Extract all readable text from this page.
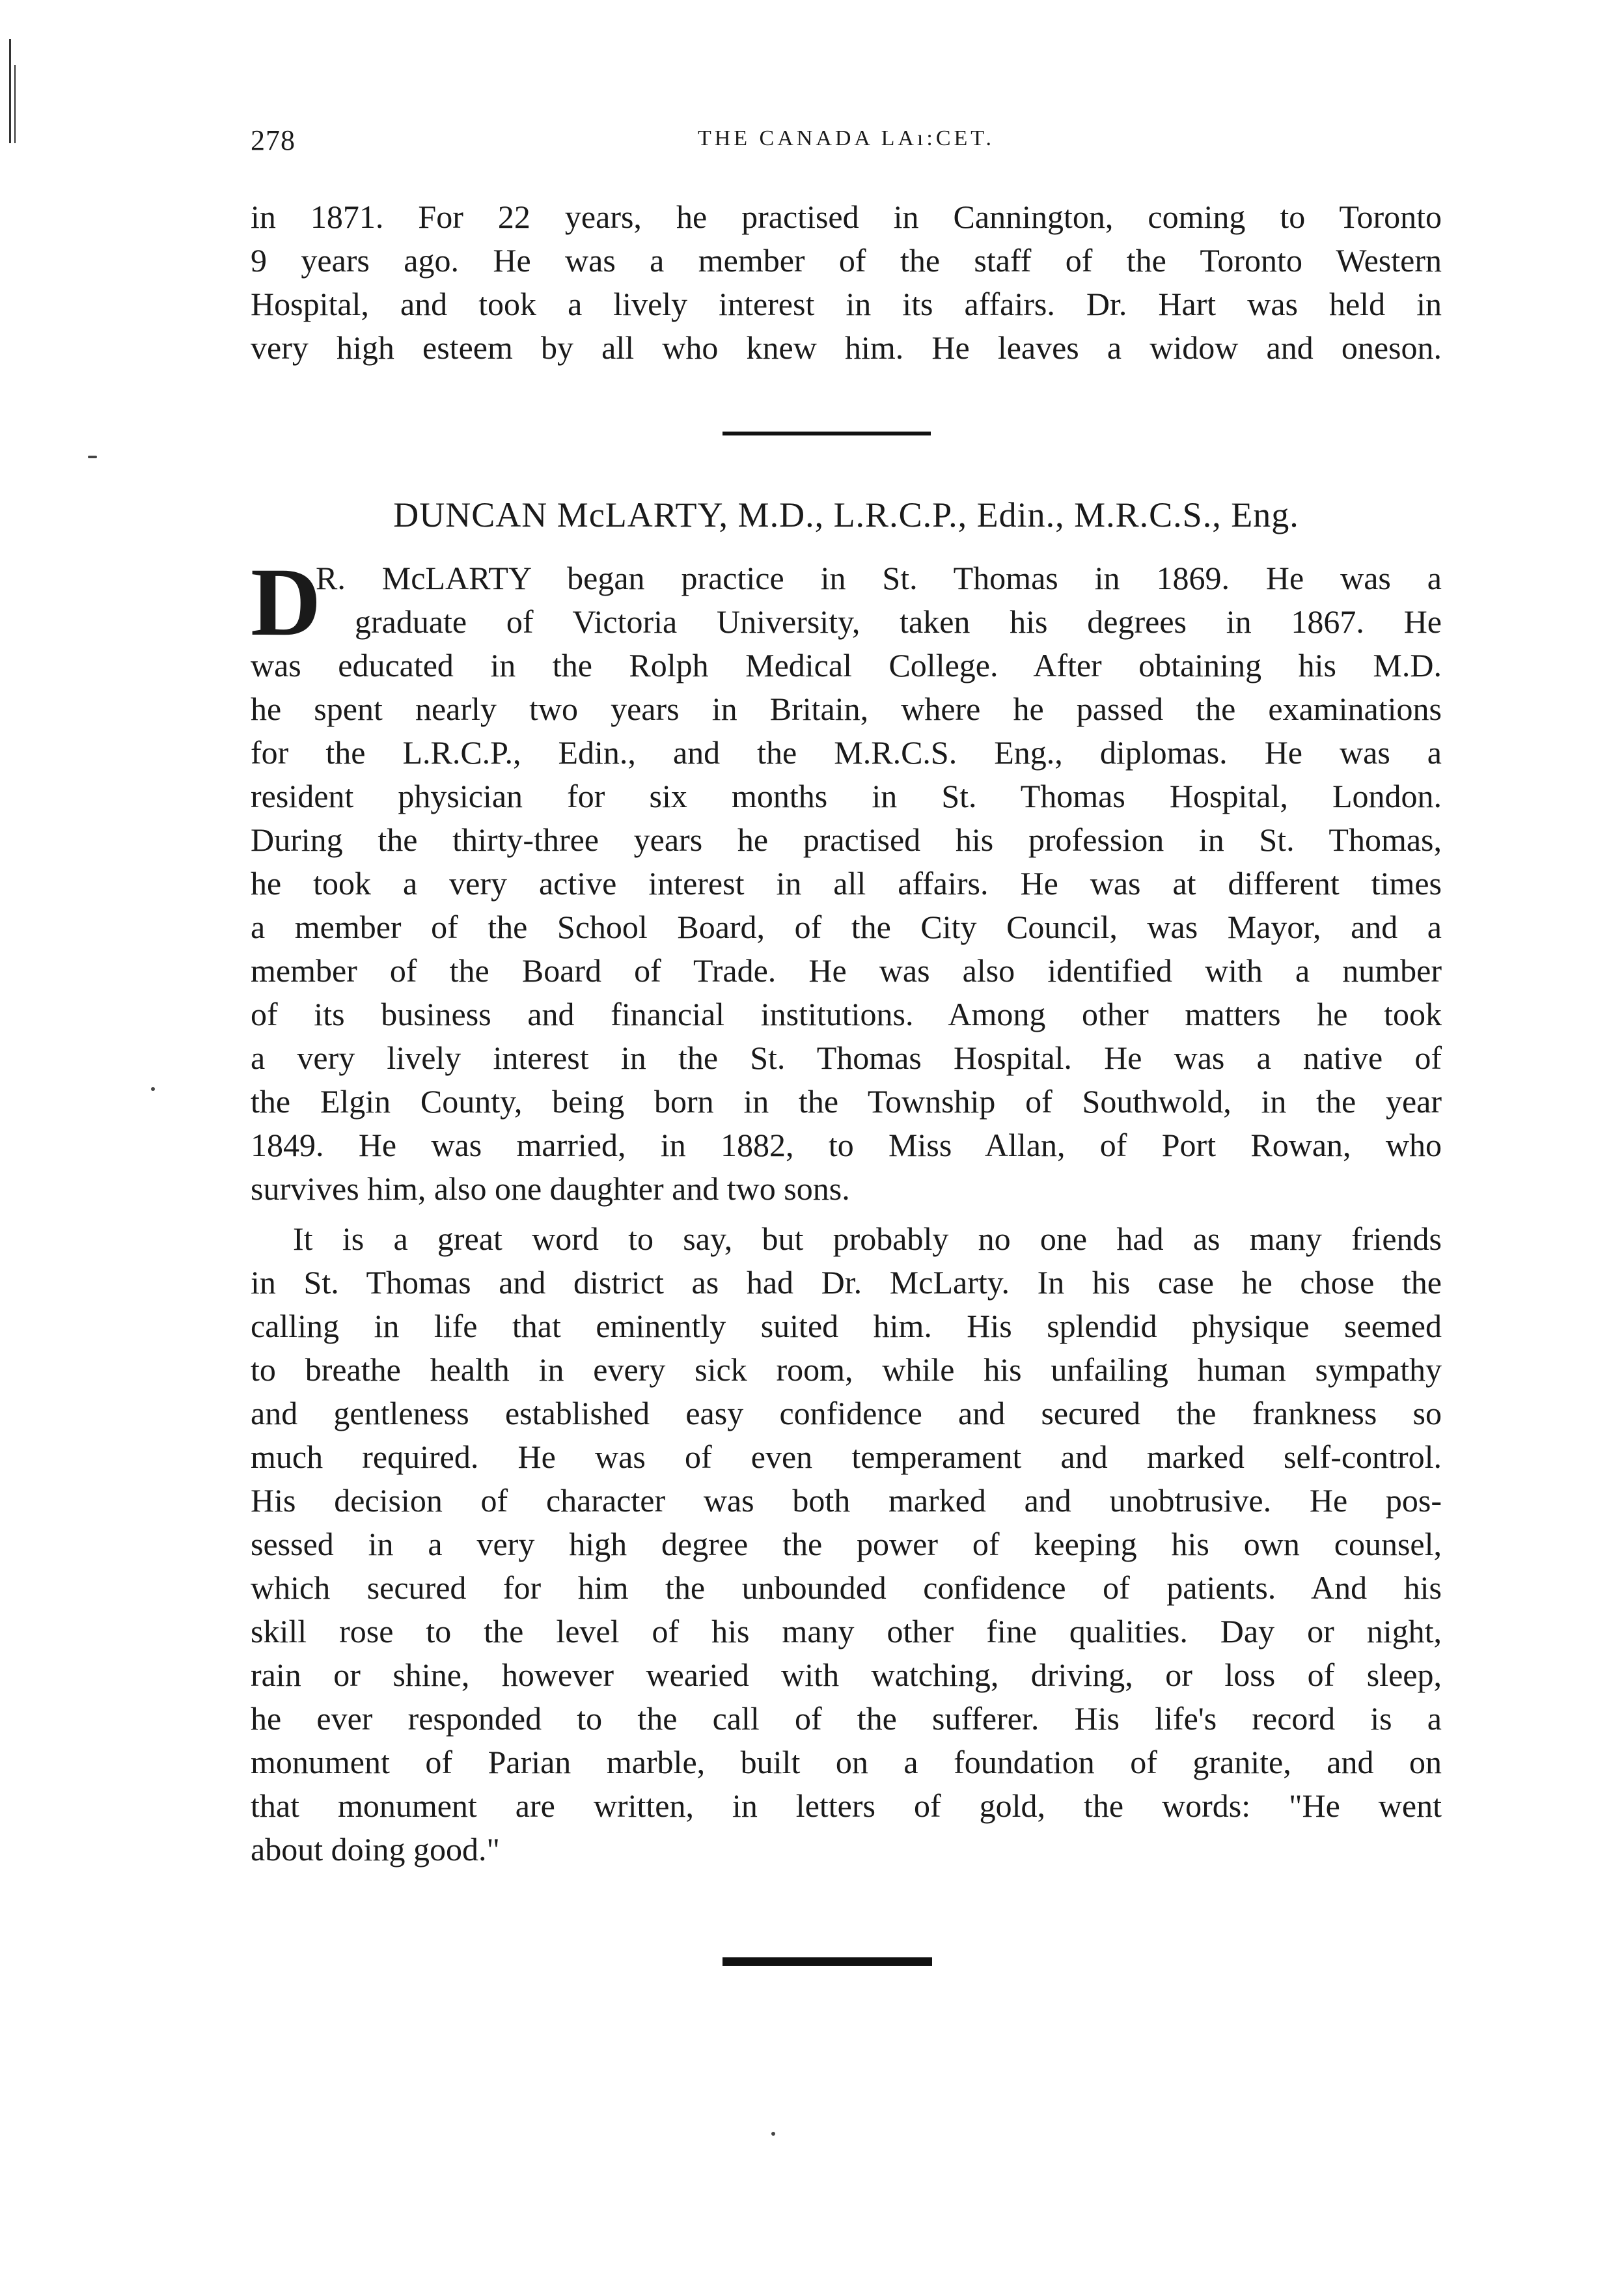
278	THE CANADA LAı:CET.
in 1871. For 22 years, he practised in Cannington, coming to Toronto
9 years ago. He was a member of the staff of the Toronto Western
Hospital, and took a lively interest in its affairs. Dr. Hart was held in
very high esteem by all who knew him. He leaves a widow and oneson.
DUNCAN McLARTY, M.D., L.R.C.P., Edin., M.R.C.S., Eng.
D
R. McLARTY began practice in St. Thomas in 1869. He was a
graduate of Victoria University, taken his degrees in 1867. He
was educated in the Rolph Medical College. After obtaining his M.D.
he spent nearly two years in Britain, where he passed the examinations
for the L.R.C.P., Edin., and the M.R.C.S. Eng., diplomas. He was a
resident physician for six months in St. Thomas Hospital, London.
During the thirty-three years he practised his profession in St. Thomas,
he took a very active interest in all affairs. He was at different times
a member of the School Board, of the City Council, was Mayor, and a
member of the Board of Trade. He was also identified with a number
of its business and financial institutions. Among other matters he took
a very lively interest in the St. Thomas Hospital. He was a native of
the Elgin County, being born in the Township of Southwold, in the year
1849. He was married, in 1882, to Miss Allan, of Port Rowan, who
survives him, also one daughter and two sons.
It is a great word to say, but probably no one had as many friends
in St. Thomas and district as had Dr. McLarty. In his case he chose the
calling in life that eminently suited him. His splendid physique seemed
to breathe health in every sick room, while his unfailing human sympathy
and gentleness established easy confidence and secured the frankness so
much required. He was of even temperament and marked self-control.
His decision of character was both marked and unobtrusive. He pos-
sessed in a very high degree the power of keeping his own counsel,
which secured for him the unbounded confidence of patients. And his
skill rose to the level of his many other fine qualities. Day or night,
rain or shine, however wearied with watching, driving, or loss of sleep,
he ever responded to the call of the sufferer. His life's record is a
monument of Parian marble, built on a foundation of granite, and on
that monument are written, in letters of gold, the words: "He went
about doing good."
